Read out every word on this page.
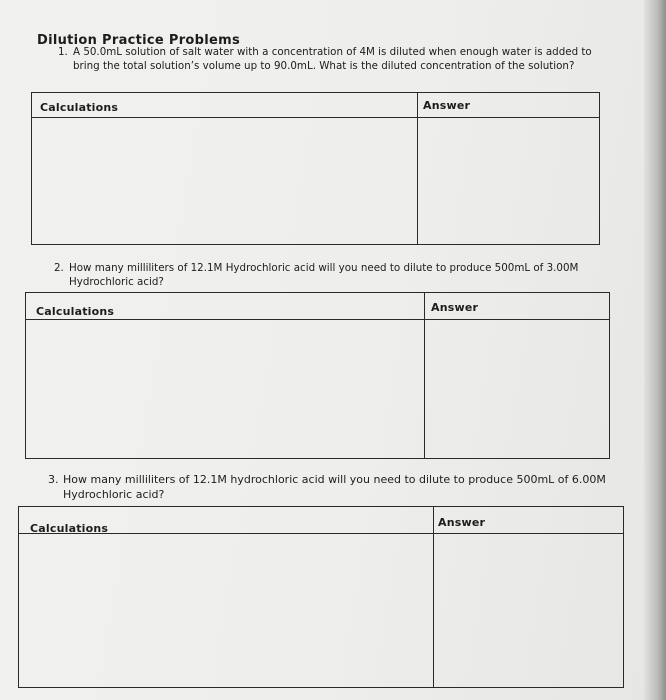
Dilution Practice Problems
1. A 50.0mL solution of salt water with a concentration of 4M is diluted when enough water is added to bring the total solution’s volume up to 90.0mL. What is the diluted concentration of the solution?
Calculations	Answer
2. How many milliliters of 12.1M Hydrochloric acid will you need to dilute to produce 500mL of 3.00M Hydrochloric acid?
Calculations	Answer
3. How many milliliters of 12.1M hydrochloric acid will you need to dilute to produce 500mL of 6.00M Hydrochloric acid?
Calculations	Answer
